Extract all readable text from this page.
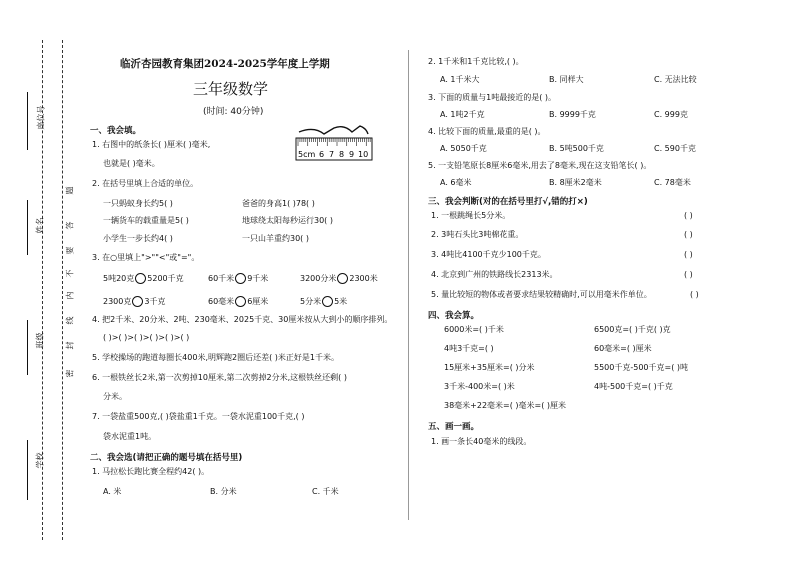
座位号
姓名
班级
学校
题
答
要
不
内
线
封
密
临沂杏园教育集团2024-2025学年度上学期
三年级数学
(时间: 40分钟)
5cm 6 7 8 9 10
一、我会填。
1. 右图中的纸条长( )厘米( )毫米,
也就是( )毫米。
2. 在括号里填上合适的单位。
一只蚂蚁身长约5( )	爸爸的身高1( )78( )
一辆货车的载重量是5( )	地球绕太阳每秒运行30( )
小学生一步长约4( )	一只山羊重约30( )
3. 在○里填上">""<"或"="。
5吨20克 5200千克	60千米 9千米	3200分米 2300米
2300克 3千克	60毫米 6厘米	5分米 5米
4. 把2千米、20分米、2吨、230毫米、2025千克、30厘米按从大到小的顺序排列。
( )>( )>( )>( )>( )>( )
5. 学校操场的跑道每圈长400米,明辉跑2圈后还差( )米正好是1千米。
6. 一根铁丝长2米,第一次剪掉10厘米,第二次剪掉2分米,这根铁丝还剩( )
分米。
7. 一袋盐重500克,( )袋盐重1千克。一袋水泥重100千克,( )
袋水泥重1吨。
二、我会选(请把正确的题号填在括号里)
1. 马拉松长跑比赛全程约42( )。
A. 米	B. 分米	C. 千米
2. 1千米和1千克比较,( )。
A. 1千米大	B. 同样大	C. 无法比较
3. 下面的质量与1吨最接近的是( )。
A. 1吨2千克	B. 9999千克	C. 999克
4. 比较下面的质量,最重的是( )。
A. 5050千克	B. 5吨500千克	C. 590千克
5. 一支铅笔原长8厘米6毫米,用去了8毫米,现在这支铅笔长( )。
A. 6毫米	B. 8厘米2毫米	C. 78毫米
三、我会判断(对的在括号里打√,错的打×)
1. 一根跳绳长5分米。	( )
2. 3吨石头比3吨棉花重。	( )
3. 4吨比4100千克少100千克。	( )
4. 北京到广州的铁路线长2313米。	( )
5. 量比较短的物体或者要求结果较精确时,可以用毫米作单位。	( )
四、我会算。
6000米=( )千米	6500克=( )千克( )克
4吨3千克=( )	60毫米=( )厘米
15厘米+35厘米=( )分米	5500千克-500千克=( )吨
3千米-400米=( )米	4吨-500千克=( )千克
38毫米+22毫米=( )毫米=( )厘米
五、画一画。
1. 画一条长40毫米的线段。
